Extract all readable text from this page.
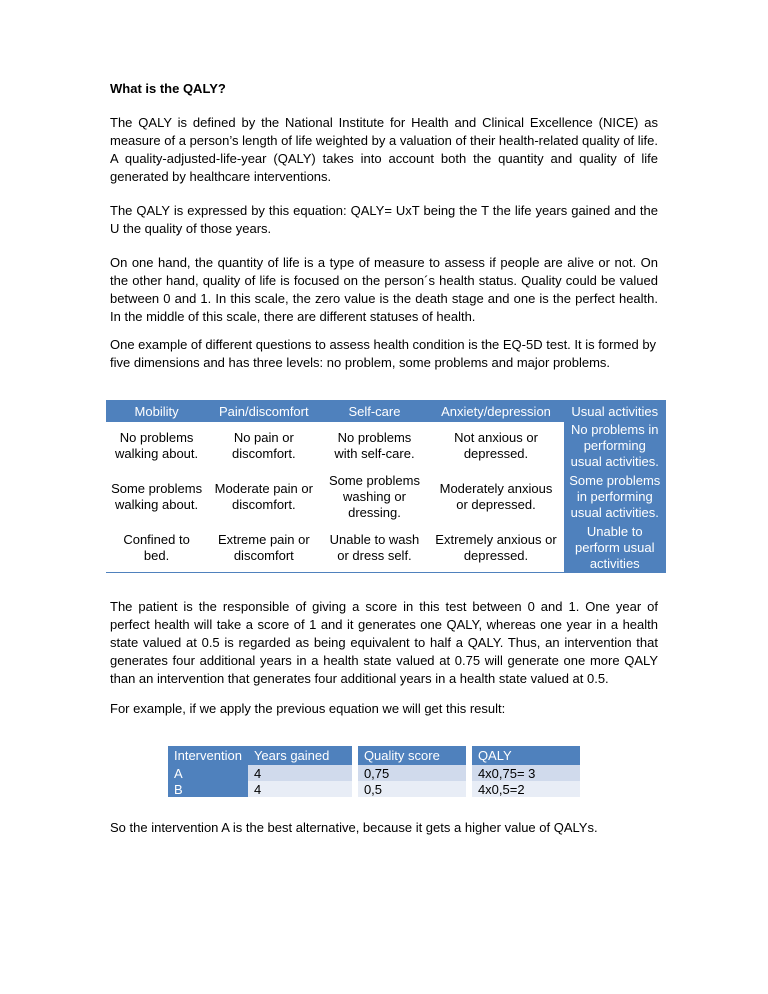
What is the QALY?

The QALY is defined by the National Institute for Health and Clinical Excellence (NICE) as measure of a person’s length of life weighted by a valuation of their health-related quality of life. A quality-adjusted-life-year (QALY) takes into account both the quantity and quality of life generated by healthcare interventions.

The QALY is expressed by this equation: QALY= UxT being the T the life years gained and the U the quality of those years.

On one hand, the quantity of life is a type of measure to assess if people are alive or not. On the other hand, quality of life is focused on the person´s health status. Quality could be valued between 0 and 1. In this scale, the zero value is the death stage and one is the perfect health. In the middle of this scale, there are different statuses of health.

One example of different questions to assess health condition is the EQ-5D test. It is formed by five dimensions and has three levels: no problem, some problems and major problems.

Mobility	Pain/discomfort	Self-care	Anxiety/depression	Usual activities
No problems walking about.	No pain or discomfort.	No problems with self-care.	Not anxious or depressed.	No problems in performing usual activities.
Some problems walking about.	Moderate pain or discomfort.	Some problems washing or dressing.	Moderately anxious or depressed.	Some problems in performing usual activities.
Confined to bed.	Extreme pain or discomfort	Unable to wash or dress self.	Extremely anxious or depressed.	Unable to perform usual activities

The patient is the responsible of giving a score in this test between 0 and 1. One year of perfect health will take a score of 1 and it generates one QALY, whereas one year in a health state valued at 0.5 is regarded as being equivalent to half a QALY. Thus, an intervention that generates four additional years in a health state valued at 0.75 will generate one more QALY than an intervention that generates four additional years in a health state valued at 0.5.

For example, if we apply the previous equation we will get this result:

Intervention	Years gained		Quality score		QALY
A	4		0,75		4x0,75= 3
B	4		0,5		4x0,5=2

So the intervention A is the best alternative, because it gets a higher value of QALYs.
